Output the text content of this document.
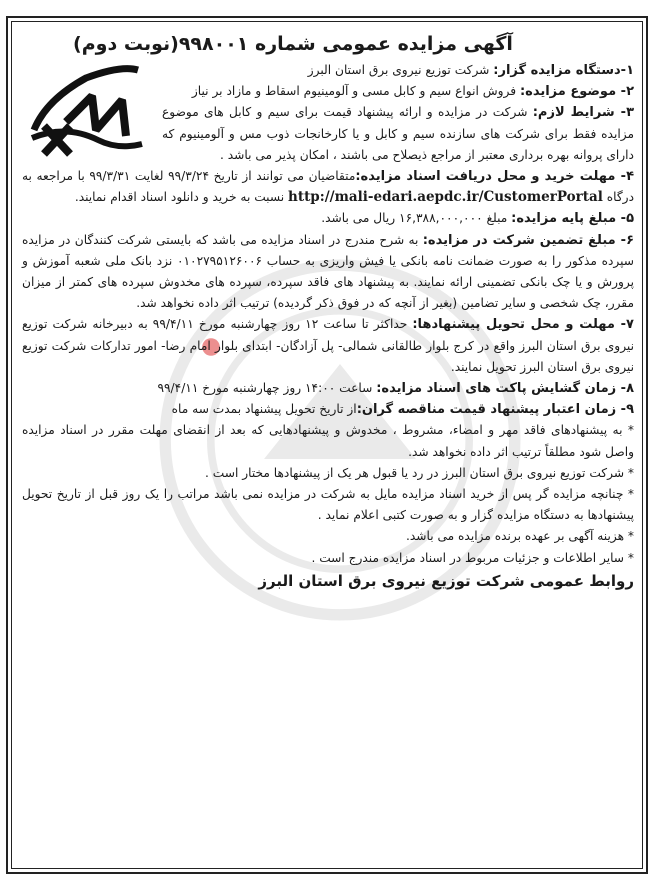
آگهی مزایده عمومی شماره ۹۹۸۰۰۱(نوبت دوم)

۱-دستگاه مزایده گزار: شرکت توزیع نیروی برق استان البرز

۲- موضوع مزایده: فروش انواع سیم و کابل مسی و آلومینیوم اسقاط و مازاد بر نیاز

۳- شرایط لازم: شرکت در مزایده و ارائه پیشنهاد قیمت برای سیم و کابل های موضوع مزایده فقط برای شرکت های سازنده سیم و کابل و یا کارخانجات ذوب مس و آلومینیوم که دارای پروانه بهره برداری معتبر از مراجع ذیصلاح می باشند ، امکان پذیر می باشد .

۴- مهلت خرید و محل دریافت اسناد مزایده:متقاضیان می توانند از تاریخ ۹۹/۳/۲۴ لغایت ۹۹/۳/۳۱ با مراجعه به درگاه http://mali-edari.aepdc.ir/CustomerPortal نسبت به خرید و دانلود اسناد اقدام نمایند.

۵- مبلغ پایه مزایده: مبلغ ۱۶,۳۸۸,۰۰۰,۰۰۰ ریال می باشد.

۶- مبلغ تضمین شرکت در مزایده: به شرح مندرج در اسناد مزایده می باشد که بایستی شرکت کنندگان در مزایده سپرده مذکور را به صورت ضمانت نامه بانکی یا فیش واریزی به حساب ۰۱۰۲۷۹۵۱۲۶۰۰۶ نزد بانک ملی شعبه آموزش و پرورش و یا چک بانکی تضمینی ارائه نمایند. به پیشنهاد های فاقد سپرده، سپرده های مخدوش سپرده های کمتر از میزان مقرر، چک شخصی و سایر تضامین (بغیر از آنچه که در فوق ذکر گردیده) ترتیب اثر داده نخواهد شد.

۷- مهلت و محل تحویل پیشنهادها: حداکثر تا ساعت ۱۲ روز چهارشنبه مورخ ۹۹/۴/۱۱ به دبیرخانه شرکت توزیع نیروی برق استان البرز واقع در کرج بلوار طالقانی شمالی- پل آزادگان- ابتدای بلوار امام رضا- امور تدارکات شرکت توزیع نیروی برق استان البرز تحویل نمایند.

۸- زمان گشایش پاکت های اسناد مزایده: ساعت ۱۴:۰۰ روز چهارشنبه مورخ ۹۹/۴/۱۱

۹- زمان اعتبار پیشنهاد قیمت مناقصه گران:از تاریخ تحویل پیشنهاد بمدت سه ماه

* به پیشنهادهای فاقد مهر و امضاء، مشروط ، مخدوش و پیشنهادهایی که بعد از انقضای مهلت مقرر در اسناد مزایده واصل شود مطلقاً ترتیب اثر داده نخواهد شد.

* شرکت توزیع نیروی برق استان البرز در رد یا قبول هر یک از پیشنهادها مختار است .

* چنانچه مزایده گر پس از خرید اسناد مزایده مایل به شرکت در مزایده نمی باشد مراتب را یک روز قبل از تاریخ تحویل پیشنهادها به دستگاه مزایده گزار و به صورت کتبی اعلام نماید .

* هزینه آگهی بر عهده برنده مزایده می باشد.

* سایر اطلاعات و جزئیات مربوط در اسناد مزایده مندرج است .

روابط عمومی شرکت توزیع نیروی برق استان البرز
